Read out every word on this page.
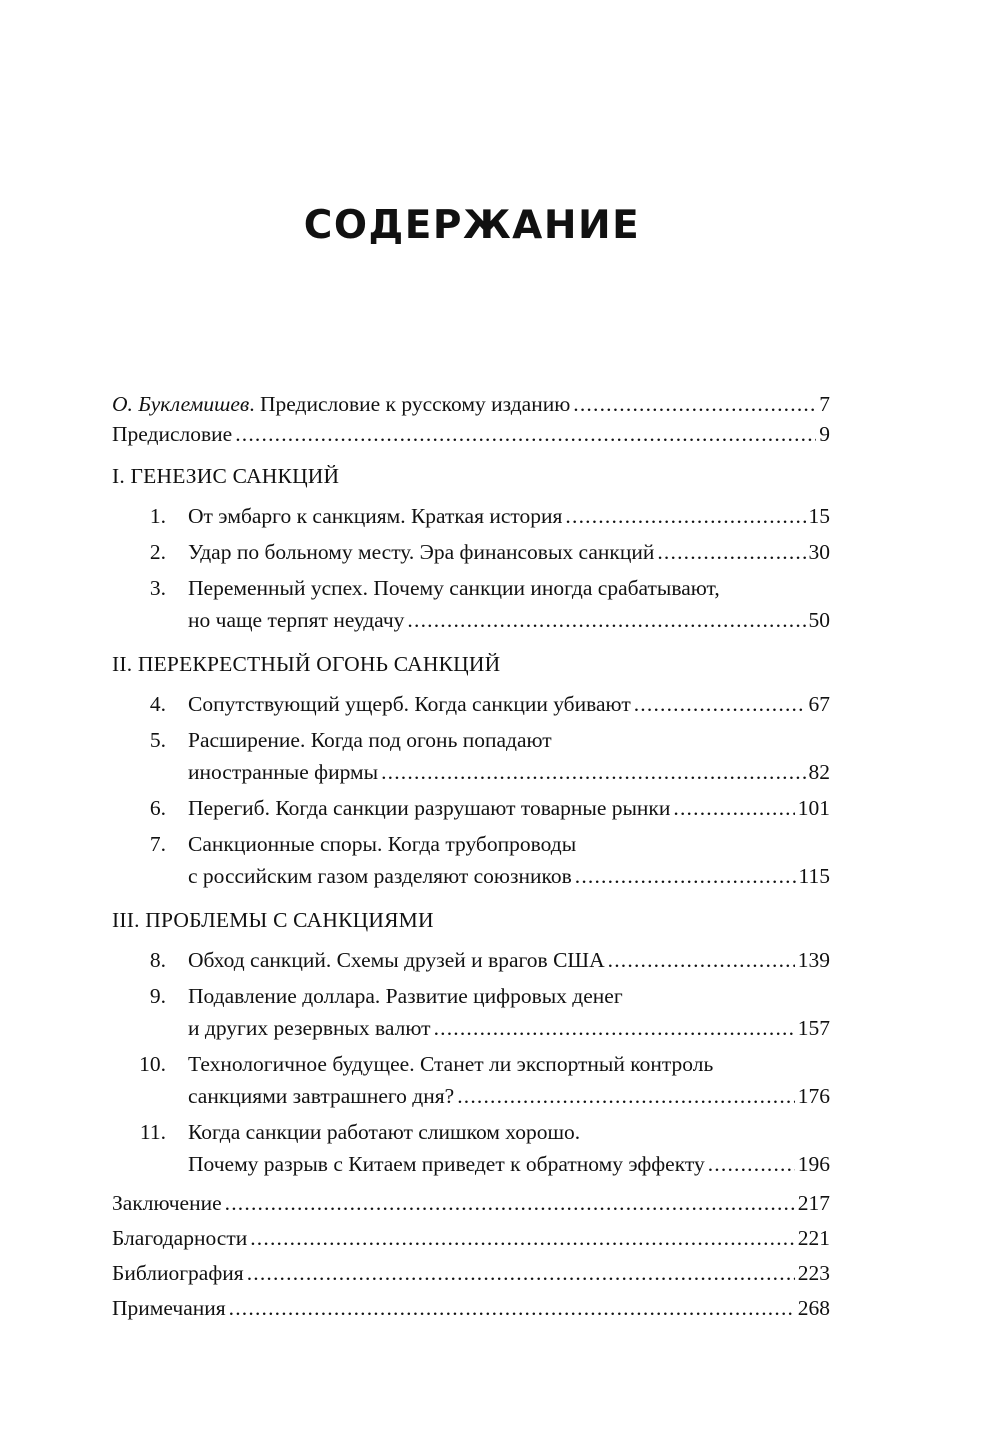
СОДЕРЖАНИЕ
О. Буклемишев. Предисловие к русскому изданию .....	7
Предисловие .....	9
I. ГЕНЕЗИС САНКЦИЙ
1. От эмбарго к санкциям. Краткая история .....	15
2. Удар по больному месту. Эра финансовых санкций .....	30
3. Переменный успех. Почему санкции иногда срабатывают,
но чаще терпят неудачу .....	50
II. ПЕРЕКРЕСТНЫЙ ОГОНЬ САНКЦИЙ
4. Сопутствующий ущерб. Когда санкции убивают .....	67
5. Расширение. Когда под огонь попадают
иностранные фирмы .....	82
6. Перегиб. Когда санкции разрушают товарные рынки .....	101
7. Санкционные споры. Когда трубопроводы
с российским газом разделяют союзников .....	115
III. ПРОБЛЕМЫ С САНКЦИЯМИ
8. Обход санкций. Схемы друзей и врагов США .....	139
9. Подавление доллара. Развитие цифровых денег
и других резервных валют .....	157
10. Технологичное будущее. Станет ли экспортный контроль
санкциями завтрашнего дня? .....	176
11. Когда санкции работают слишком хорошо.
Почему разрыв с Китаем приведет к обратному эффекту .....	196
Заключение .....	217
Благодарности .....	221
Библиография .....	223
Примечания .....	268
